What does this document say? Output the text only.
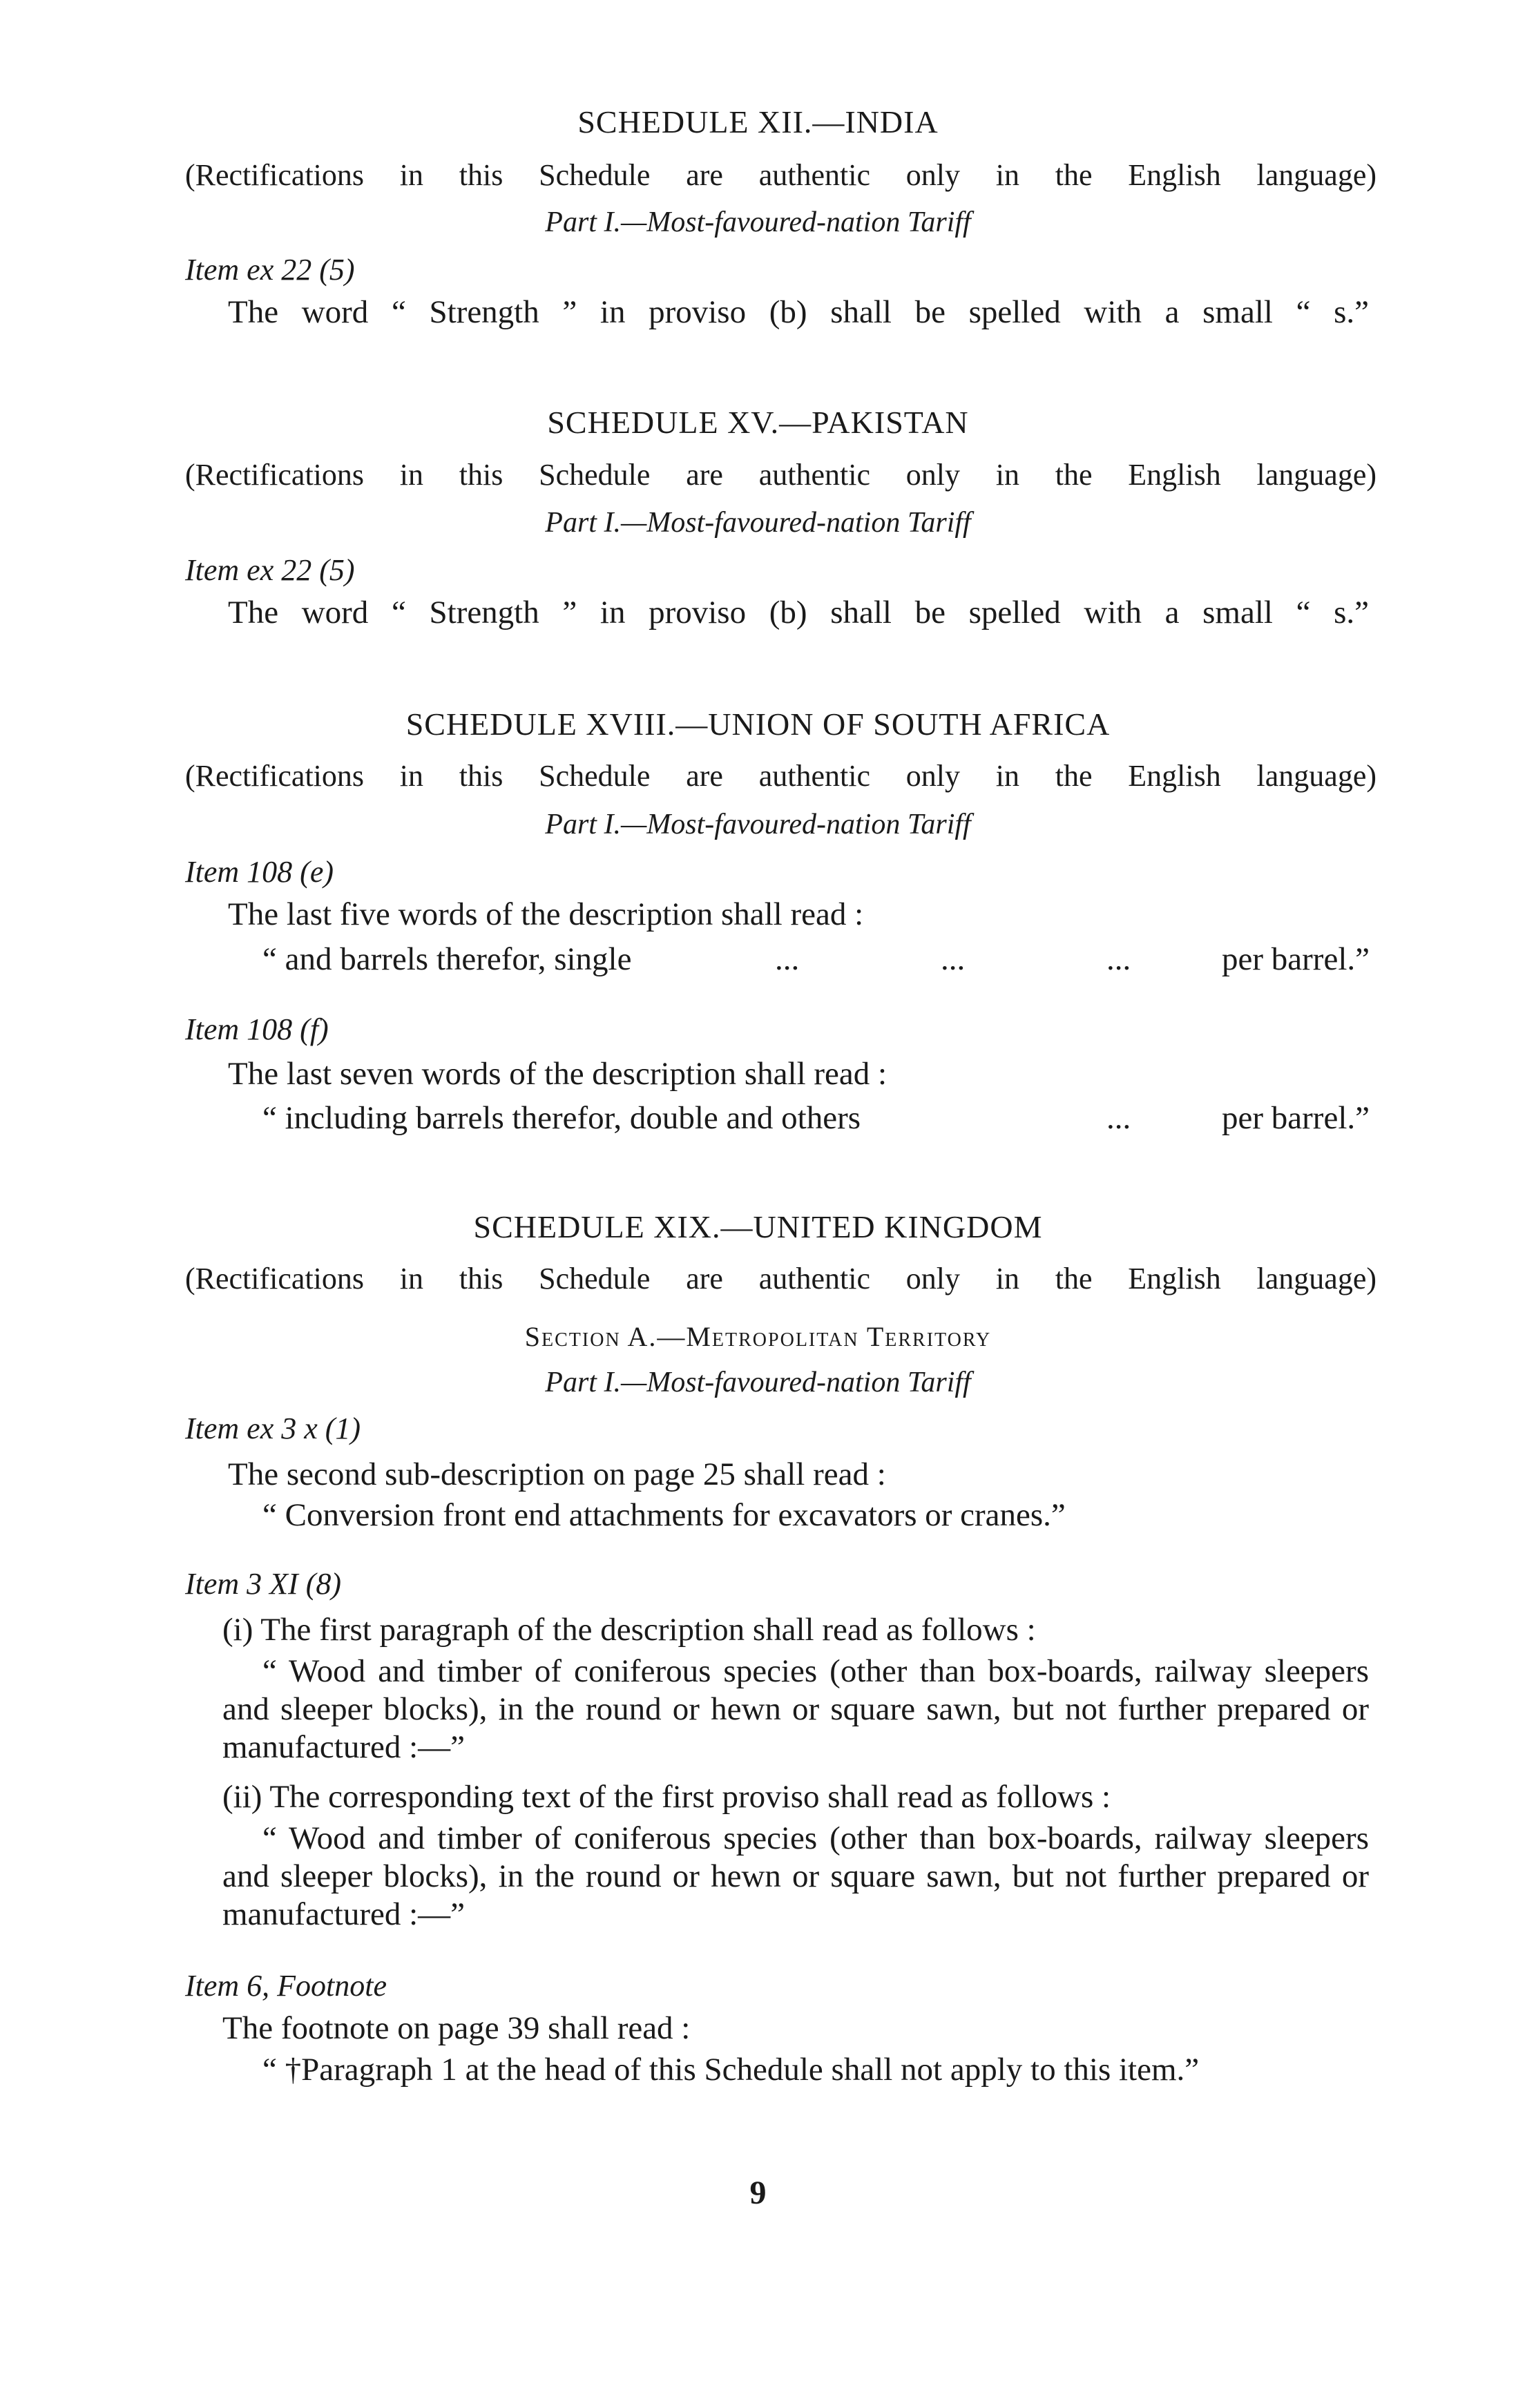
SCHEDULE XII.—INDIA
(Rectifications in this Schedule are authentic only in the English language)
Part I.—Most-favoured-nation Tariff
Item ex 22 (5)
The word “ Strength ” in proviso (b) shall be spelled with a small “ s.”
SCHEDULE XV.—PAKISTAN
(Rectifications in this Schedule are authentic only in the English language)
Part I.—Most-favoured-nation Tariff
Item ex 22 (5)
The word “ Strength ” in proviso (b) shall be spelled with a small “ s.”
SCHEDULE XVIII.—UNION OF SOUTH AFRICA
(Rectifications in this Schedule are authentic only in the English language)
Part I.—Most-favoured-nation Tariff
Item 108 (e)
The last five words of the description shall read :
“ and barrels therefor, single	...	...	...	per barrel.”
Item 108 (f)
The last seven words of the description shall read :
“ including barrels therefor, double and others	...	per barrel.”
SCHEDULE XIX.—UNITED KINGDOM
(Rectifications in this Schedule are authentic only in the English language)
Section A.—Metropolitan Territory
Part I.—Most-favoured-nation Tariff
Item ex 3 x (1)
The second sub-description on page 25 shall read :
“ Conversion front end attachments for excavators or cranes.”
Item 3 XI (8)
(i) The first paragraph of the description shall read as follows :
“ Wood and timber of coniferous species (other than box-boards, railway sleepers and sleeper blocks), in the round or hewn or square sawn, but not further prepared or manufactured :—”
(ii) The corresponding text of the first proviso shall read as follows :
“ Wood and timber of coniferous species (other than box-boards, railway sleepers and sleeper blocks), in the round or hewn or square sawn, but not further prepared or manufactured :—”
Item 6, Footnote
The footnote on page 39 shall read :
“ †Paragraph 1 at the head of this Schedule shall not apply to this item.”
9
